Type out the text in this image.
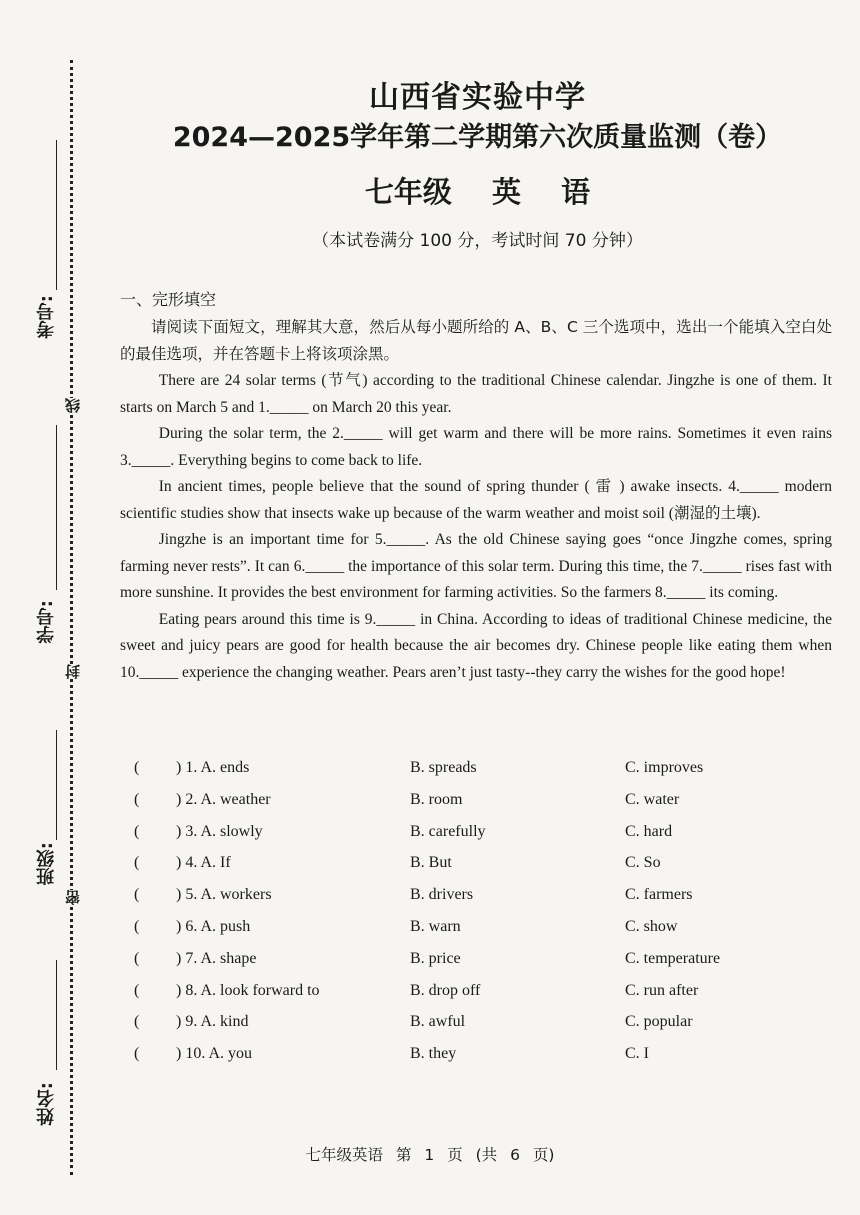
考号:
学号:
班级:
姓名:
线
封
密
山西省实验中学
2024—2025学年第二学期第六次质量监测（卷）
七年级 英 语
（本试卷满分 100 分，考试时间 70 分钟）
一、完形填空
请阅读下面短文，理解其大意，然后从每小题所给的 A、B、C 三个选项中，选出一个能填入空白处的最佳选项，并在答题卡上将该项涂黑。

There are 24 solar terms (节气) according to the traditional Chinese calendar. Jingzhe is one of them. It starts on March 5 and 1._____ on March 20 this year.

During the solar term, the 2._____ will get warm and there will be more rains. Sometimes it even rains 3._____. Everything begins to come back to life.

In ancient times, people believe that the sound of spring thunder ( 雷 ) awake insects. 4._____ modern scientific studies show that insects wake up because of the warm weather and moist soil (潮湿的土壤).

Jingzhe is an important time for 5._____. As the old Chinese saying goes “once Jingzhe comes, spring farming never rests”. It can 6._____ the importance of this solar term. During this time, the 7._____ rises fast with more sunshine. It provides the best environment for farming activities. So the farmers 8._____ its coming.

Eating pears around this time is 9._____ in China. According to ideas of traditional Chinese medicine, the sweet and juicy pears are good for health because the air becomes dry. Chinese people like eating them when 10._____ experience the changing weather. Pears aren’t just tasty--they carry the wishes for the good hope!

( ) 1. A. ends	B. spreads	C. improves
( ) 2. A. weather	B. room	C. water
( ) 3. A. slowly	B. carefully	C. hard
( ) 4. A. If	B. But	C. So
( ) 5. A. workers	B. drivers	C. farmers
( ) 6. A. push	B. warn	C. show
( ) 7. A. shape	B. price	C. temperature
( ) 8. A. look forward to	B. drop off	C. run after
( ) 9. A. kind	B. awful	C. popular
( ) 10. A. you	B. they	C. I
七年级英语 第 1 页 (共 6 页)
